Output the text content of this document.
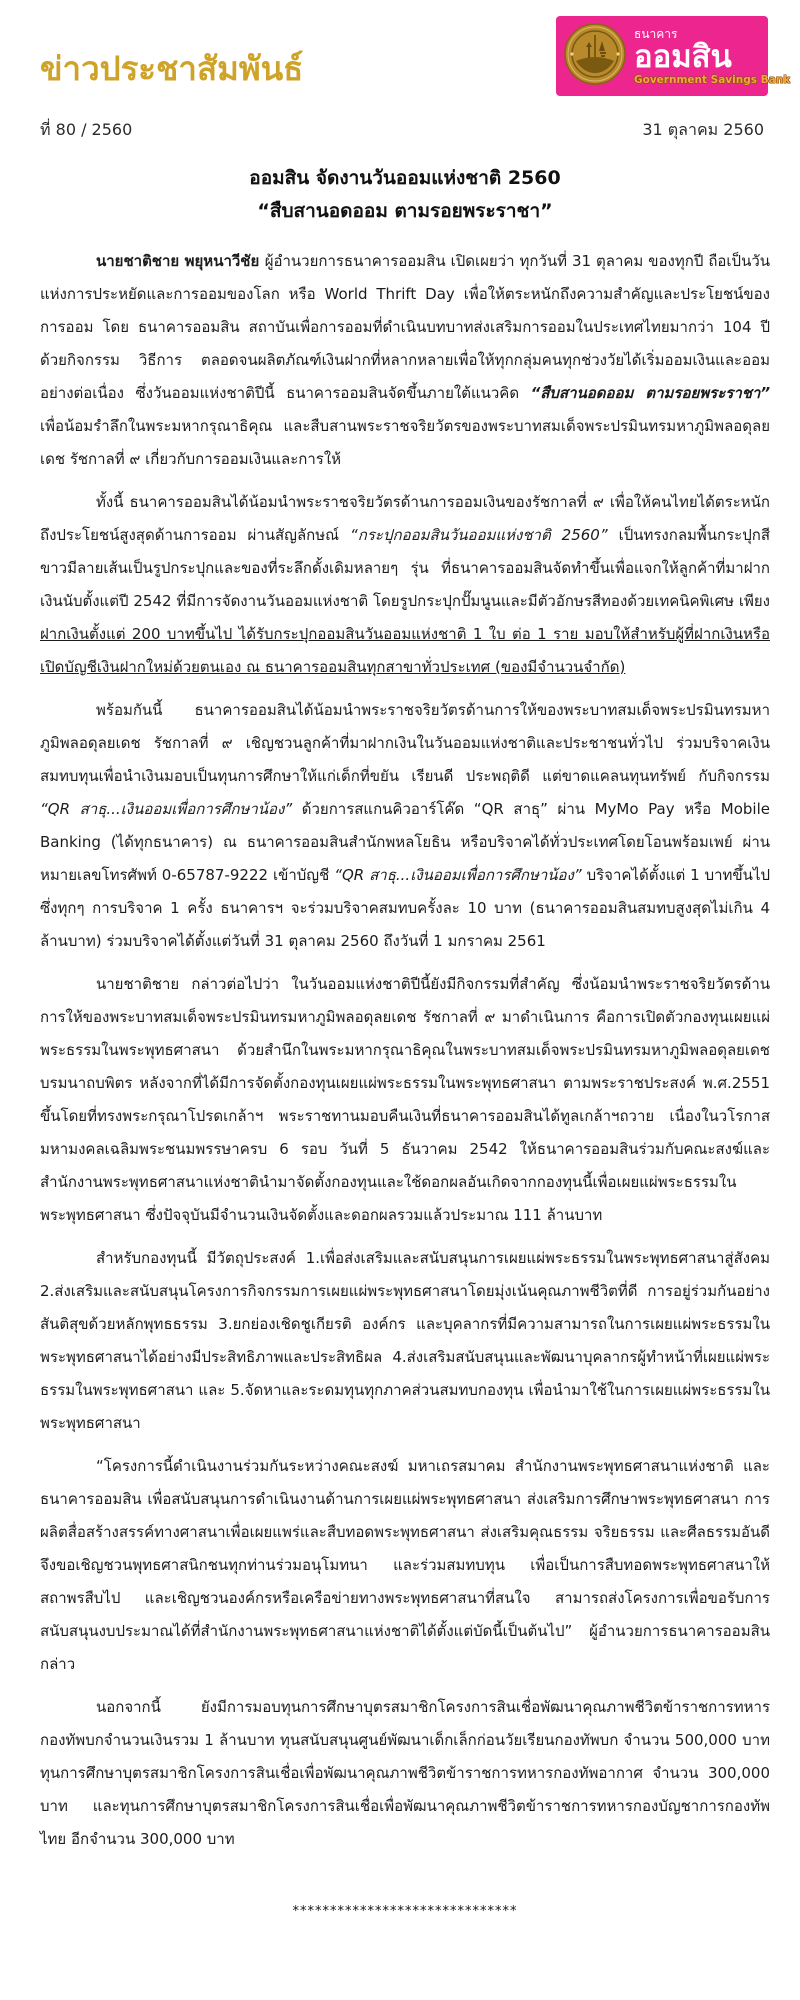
ข่าวประชาสัมพันธ์
ธนาคาร
ออมสิน
Government Savings Bank
ที่ 80 / 2560	31 ตุลาคม 2560
ออมสิน จัดงานวันออมแห่งชาติ 2560
“สืบสานอดออม ตามรอยพระราชา”

นายชาติชาย พยุหนาวีชัย ผู้อำนวยการธนาคารออมสิน เปิดเผยว่า ทุกวันที่ 31 ตุลาคม ของทุกปี ถือเป็นวันแห่งการประหยัดและการออมของโลก หรือ World Thrift Day เพื่อให้ตระหนักถึงความสำคัญและประโยชน์ของการออม โดย ธนาคารออมสิน สถาบันเพื่อการออมที่ดำเนินบทบาทส่งเสริมการออมในประเทศไทยมากว่า 104 ปี ด้วยกิจกรรม วิธีการ ตลอดจนผลิตภัณฑ์เงินฝากที่หลากหลายเพื่อให้ทุกกลุ่มคนทุกช่วงวัยได้เริ่มออมเงินและออมอย่างต่อเนื่อง ซึ่งวันออมแห่งชาติปีนี้ ธนาคารออมสินจัดขึ้นภายใต้แนวคิด “สืบสานอดออม ตามรอยพระราชา” เพื่อน้อมรำลึกในพระมหากรุณาธิคุณ และสืบสานพระราชจริยวัตรของพระบาทสมเด็จพระปรมินทรมหาภูมิพลอดุลยเดช รัชกาลที่ ๙ เกี่ยวกับการออมเงินและการให้

ทั้งนี้ ธนาคารออมสินได้น้อมนำพระราชจริยวัตรด้านการออมเงินของรัชกาลที่ ๙ เพื่อให้คนไทยได้ตระหนักถึงประโยชน์สูงสุดด้านการออม ผ่านสัญลักษณ์ “กระปุกออมสินวันออมแห่งชาติ 2560” เป็นทรงกลมพื้นกระปุกสีขาวมีลายเส้นเป็นรูปกระปุกและของที่ระลึกดั้งเดิมหลายๆ รุ่น ที่ธนาคารออมสินจัดทำขึ้นเพื่อแจกให้ลูกค้าที่มาฝากเงินนับตั้งแต่ปี 2542 ที่มีการจัดงานวันออมแห่งชาติ โดยรูปกระปุกปั๊มนูนและมีตัวอักษรสีทองด้วยเทคนิคพิเศษ เพียงฝากเงินตั้งแต่ 200 บาทขึ้นไป ได้รับกระปุกออมสินวันออมแห่งชาติ 1 ใบ ต่อ 1 ราย มอบให้สำหรับผู้ที่ฝากเงินหรือเปิดบัญชีเงินฝากใหม่ด้วยตนเอง ณ ธนาคารออมสินทุกสาขาทั่วประเทศ (ของมีจำนวนจำกัด)

พร้อมกันนี้ ธนาคารออมสินได้น้อมนำพระราชจริยวัตรด้านการให้ของพระบาทสมเด็จพระปรมินทรมหาภูมิพลอดุลยเดช รัชกาลที่ ๙ เชิญชวนลูกค้าที่มาฝากเงินในวันออมแห่งชาติและประชาชนทั่วไป ร่วมบริจาคเงินสมทบทุนเพื่อนำเงินมอบเป็นทุนการศึกษาให้แก่เด็กที่ขยัน เรียนดี ประพฤติดี แต่ขาดแคลนทุนทรัพย์ กับกิจกรรม “QR สาธุ...เงินออมเพื่อการศึกษาน้อง” ด้วยการสแกนคิวอาร์โค๊ด “QR สาธุ” ผ่าน MyMo Pay หรือ Mobile Banking (ได้ทุกธนาคาร) ณ ธนาคารออมสินสำนักพหลโยธิน หรือบริจาคได้ทั่วประเทศโดยโอนพร้อมเพย์ ผ่านหมายเลขโทรศัพท์ 0-65787-9222 เข้าบัญชี “QR สาธุ...เงินออมเพื่อการศึกษาน้อง” บริจาคได้ตั้งแต่ 1 บาทขึ้นไป ซึ่งทุกๆ การบริจาค 1 ครั้ง ธนาคารฯ จะร่วมบริจาคสมทบครั้งละ 10 บาท (ธนาคารออมสินสมทบสูงสุดไม่เกิน 4 ล้านบาท) ร่วมบริจาคได้ตั้งแต่วันที่ 31 ตุลาคม 2560 ถึงวันที่ 1 มกราคม 2561

นายชาติชาย กล่าวต่อไปว่า ในวันออมแห่งชาติปีนี้ยังมีกิจกรรมที่สำคัญ ซึ่งน้อมนำพระราชจริยวัตรด้านการให้ของพระบาทสมเด็จพระปรมินทรมหาภูมิพลอดุลยเดช รัชกาลที่ ๙ มาดำเนินการ คือการเปิดตัวกองทุนเผยแผ่พระธรรมในพระพุทธศาสนา ด้วยสำนึกในพระมหากรุณาธิคุณในพระบาทสมเด็จพระปรมินทรมหาภูมิพลอดุลยเดช บรมนาถบพิตร หลังจากที่ได้มีการจัดตั้งกองทุนเผยแผ่พระธรรมในพระพุทธศาสนา ตามพระราชประสงค์ พ.ศ.2551 ขึ้นโดยที่ทรงพระกรุณาโปรดเกล้าฯ พระราชทานมอบคืนเงินที่ธนาคารออมสินได้ทูลเกล้าฯถวาย เนื่องในวโรกาสมหามงคลเฉลิมพระชนมพรรษาครบ 6 รอบ วันที่ 5 ธันวาคม 2542 ให้ธนาคารออมสินร่วมกับคณะสงฆ์และสำนักงานพระพุทธศาสนาแห่งชาตินำมาจัดตั้งกองทุนและใช้ดอกผลอันเกิดจากกองทุนนี้เพื่อเผยแผ่พระธรรมในพระพุทธศาสนา ซึ่งปัจจุบันมีจำนวนเงินจัดตั้งและดอกผลรวมแล้วประมาณ 111 ล้านบาท

สำหรับกองทุนนี้ มีวัตถุประสงค์ 1.เพื่อส่งเสริมและสนับสนุนการเผยแผ่พระธรรมในพระพุทธศาสนาสู่สังคม 2.ส่งเสริมและสนับสนุนโครงการกิจกรรมการเผยแผ่พระพุทธศาสนาโดยมุ่งเน้นคุณภาพชีวิตที่ดี การอยู่ร่วมกันอย่างสันติสุขด้วยหลักพุทธธรรม 3.ยกย่องเชิดชูเกียรติ องค์กร และบุคลากรที่มีความสามารถในการเผยแผ่พระธรรมในพระพุทธศาสนาได้อย่างมีประสิทธิภาพและประสิทธิผล 4.ส่งเสริมสนับสนุนและพัฒนาบุคลากรผู้ทำหน้าที่เผยแผ่พระธรรมในพระพุทธศาสนา และ 5.จัดหาและระดมทุนทุกภาคส่วนสมทบกองทุน เพื่อนำมาใช้ในการเผยแผ่พระธรรมในพระพุทธศาสนา

“โครงการนี้ดำเนินงานร่วมกันระหว่างคณะสงฆ์ มหาเถรสมาคม สำนักงานพระพุทธศาสนาแห่งชาติ และธนาคารออมสิน เพื่อสนับสนุนการดำเนินงานด้านการเผยแผ่พระพุทธศาสนา ส่งเสริมการศึกษาพระพุทธศาสนา การผลิตสื่อสร้างสรรค์ทางศาสนาเพื่อเผยแพร่และสืบทอดพระพุทธศาสนา ส่งเสริมคุณธรรม จริยธรรม และศีลธรรมอันดี จึงขอเชิญชวนพุทธศาสนิกชนทุกท่านร่วมอนุโมทนา และร่วมสมทบทุน เพื่อเป็นการสืบทอดพระพุทธศาสนาให้สถาพรสืบไป และเชิญชวนองค์กรหรือเครือข่ายทางพระพุทธศาสนาที่สนใจ สามารถส่งโครงการเพื่อขอรับการสนับสนุนงบประมาณได้ที่สำนักงานพระพุทธศาสนาแห่งชาติได้ตั้งแต่บัดนี้เป็นต้นไป” ผู้อำนวยการธนาคารออมสิน กล่าว

นอกจากนี้ ยังมีการมอบทุนการศึกษาบุตรสมาชิกโครงการสินเชื่อพัฒนาคุณภาพชีวิตข้าราชการทหารกองทัพบกจำนวนเงินรวม 1 ล้านบาท ทุนสนับสนุนศูนย์พัฒนาเด็กเล็กก่อนวัยเรียนกองทัพบก จำนวน 500,000 บาท ทุนการศึกษาบุตรสมาชิกโครงการสินเชื่อเพื่อพัฒนาคุณภาพชีวิตข้าราชการทหารกองทัพอากาศ จำนวน 300,000 บาท และทุนการศึกษาบุตรสมาชิกโครงการสินเชื่อเพื่อพัฒนาคุณภาพชีวิตข้าราชการทหารกองบัญชาการกองทัพไทย อีกจำนวน 300,000 บาท

******************************
